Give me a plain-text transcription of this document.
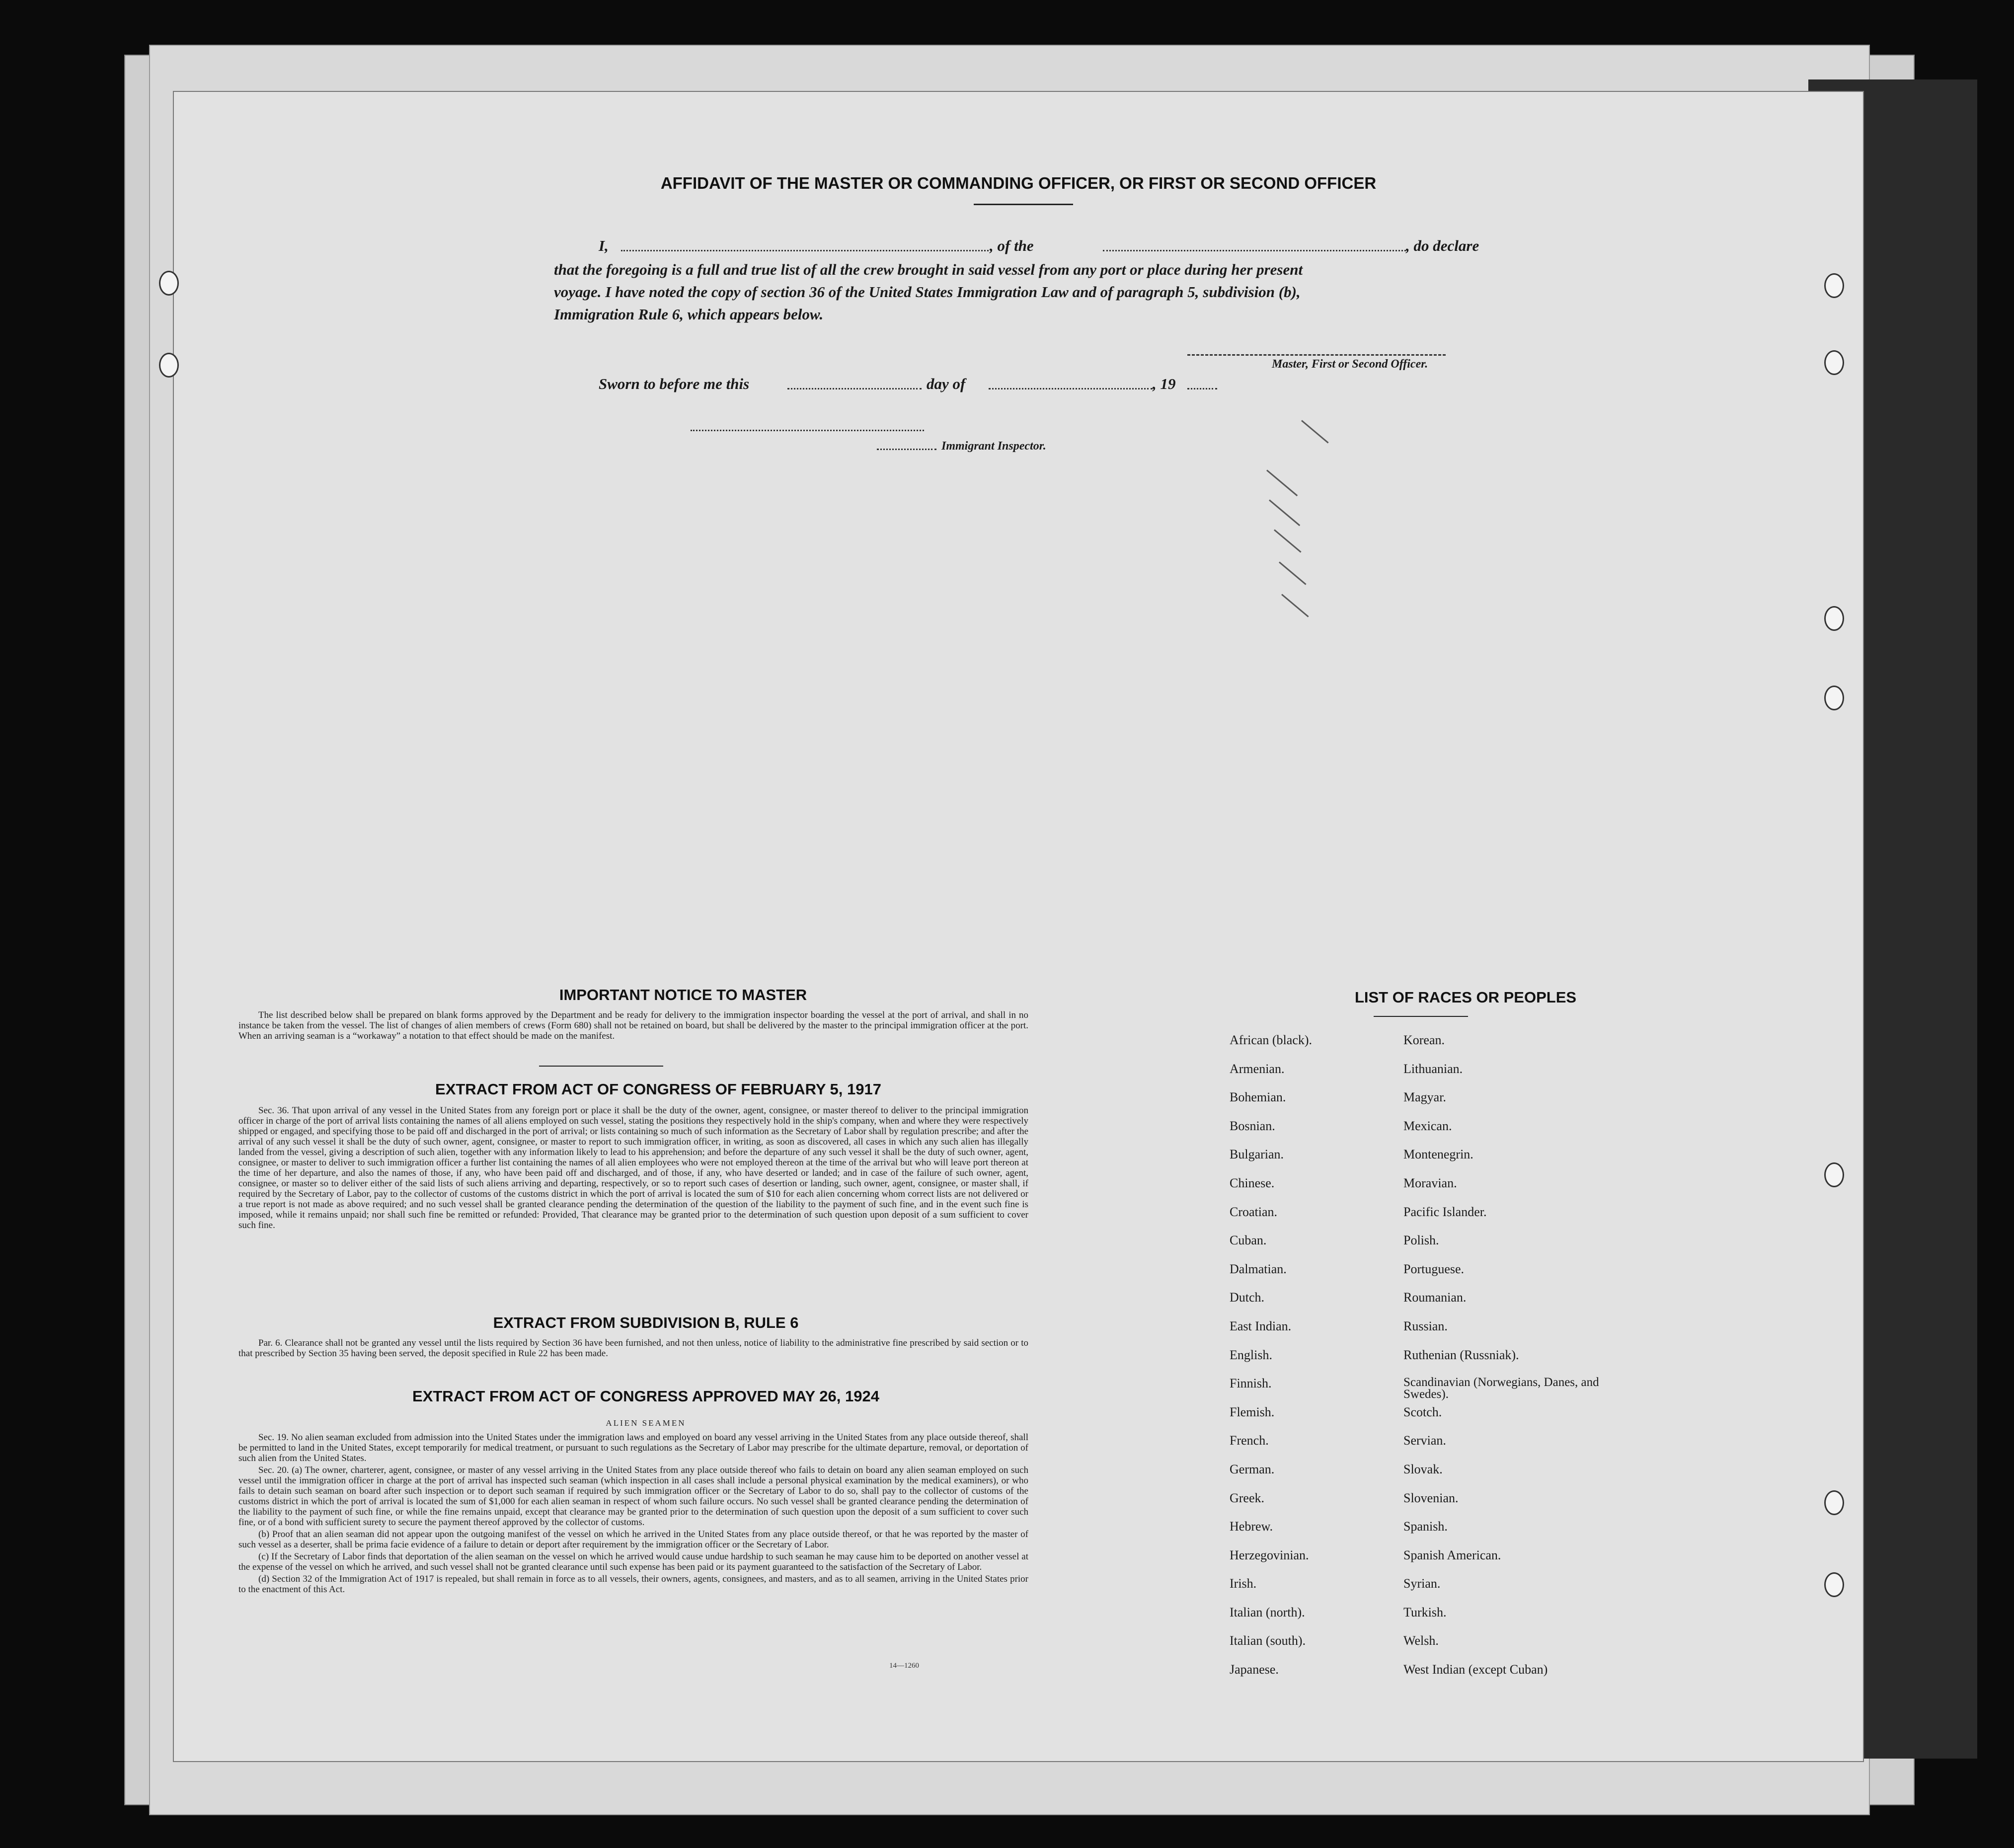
AFFIDAVIT OF THE MASTER OR COMMANDING OFFICER, OR FIRST OR SECOND OFFICER
I,	, of the	, do declare
that the foregoing is a full and true list of all the crew brought in said vessel from any port or place during her present
voyage. I have noted the copy of section 36 of the United States Immigration Law and of paragraph 5, subdivision (b),
Immigration Rule 6, which appears below.
Master, First or Second Officer.
Sworn to before me this	day of	, 19
Immigrant Inspector.
IMPORTANT NOTICE TO MASTER

The list described below shall be prepared on blank forms approved by the Department and be ready for delivery to the immigration inspector boarding the vessel at the port of arrival, and shall in no instance be taken from the vessel. The list of changes of alien members of crews (Form 680) shall not be retained on board, but shall be delivered by the master to the principal immigration officer at the port. When an arriving seaman is a “workaway” a notation to that effect should be made on the manifest.

EXTRACT FROM ACT OF CONGRESS OF FEBRUARY 5, 1917

Sec. 36. That upon arrival of any vessel in the United States from any foreign port or place it shall be the duty of the owner, agent, consignee, or master thereof to deliver to the principal immigration officer in charge of the port of arrival lists containing the names of all aliens employed on such vessel, stating the positions they respectively hold in the ship's company, when and where they were respectively shipped or engaged, and specifying those to be paid off and discharged in the port of arrival; or lists containing so much of such information as the Secretary of Labor shall by regulation prescribe; and after the arrival of any such vessel it shall be the duty of such owner, agent, consignee, or master to report to such immigration officer, in writing, as soon as discovered, all cases in which any such alien has illegally landed from the vessel, giving a description of such alien, together with any information likely to lead to his apprehension; and before the departure of any such vessel it shall be the duty of such owner, agent, consignee, or master to deliver to such immigration officer a further list containing the names of all alien employees who were not employed thereon at the time of the arrival but who will leave port thereon at the time of her departure, and also the names of those, if any, who have been paid off and discharged, and of those, if any, who have deserted or landed; and in case of the failure of such owner, agent, consignee, or master so to deliver either of the said lists of such aliens arriving and departing, respectively, or so to report such cases of desertion or landing, such owner, agent, consignee, or master shall, if required by the Secretary of Labor, pay to the collector of customs of the customs district in which the port of arrival is located the sum of $10 for each alien concerning whom correct lists are not delivered or a true report is not made as above required; and no such vessel shall be granted clearance pending the determination of the question of the liability to the payment of such fine, and in the event such fine is imposed, while it remains unpaid; nor shall such fine be remitted or refunded: Provided, That clearance may be granted prior to the determination of such question upon deposit of a sum sufficient to cover such fine.

EXTRACT FROM SUBDIVISION B, RULE 6

Par. 6. Clearance shall not be granted any vessel until the lists required by Section 36 have been furnished, and not then unless, notice of liability to the administrative fine prescribed by said section or to that prescribed by Section 35 having been served, the deposit specified in Rule 22 has been made.

EXTRACT FROM ACT OF CONGRESS APPROVED MAY 26, 1924
ALIEN SEAMEN

Sec. 19. No alien seaman excluded from admission into the United States under the immigration laws and employed on board any vessel arriving in the United States from any place outside thereof, shall be permitted to land in the United States, except temporarily for medical treatment, or pursuant to such regulations as the Secretary of Labor may prescribe for the ultimate departure, removal, or deportation of such alien from the United States.

Sec. 20. (a) The owner, charterer, agent, consignee, or master of any vessel arriving in the United States from any place outside thereof who fails to detain on board any alien seaman employed on such vessel until the immigration officer in charge at the port of arrival has inspected such seaman (which inspection in all cases shall include a personal physical examination by the medical examiners), or who fails to detain such seaman on board after such inspection or to deport such seaman if required by such immigration officer or the Secretary of Labor to do so, shall pay to the collector of customs of the customs district in which the port of arrival is located the sum of $1,000 for each alien seaman in respect of whom such failure occurs. No such vessel shall be granted clearance pending the determination of the liability to the payment of such fine, or while the fine remains unpaid, except that clearance may be granted prior to the determination of such question upon the deposit of a sum sufficient to cover such fine, or of a bond with sufficient surety to secure the payment thereof approved by the collector of customs.

(b) Proof that an alien seaman did not appear upon the outgoing manifest of the vessel on which he arrived in the United States from any place outside thereof, or that he was reported by the master of such vessel as a deserter, shall be prima facie evidence of a failure to detain or deport after requirement by the immigration officer or the Secretary of Labor.

(c) If the Secretary of Labor finds that deportation of the alien seaman on the vessel on which he arrived would cause undue hardship to such seaman he may cause him to be deported on another vessel at the expense of the vessel on which he arrived, and such vessel shall not be granted clearance until such expense has been paid or its payment guaranteed to the satisfaction of the Secretary of Labor.

(d) Section 32 of the Immigration Act of 1917 is repealed, but shall remain in force as to all vessels, their owners, agents, consignees, and masters, and as to all seamen, arriving in the United States prior to the enactment of this Act.

14—1260
LIST OF RACES OR PEOPLES
African (black).
Armenian.
Bohemian.
Bosnian.
Bulgarian.
Chinese.
Croatian.
Cuban.
Dalmatian.
Dutch.
East Indian.
English.
Finnish.
Flemish.
French.
German.
Greek.
Hebrew.
Herzegovinian.
Irish.
Italian (north).
Italian (south).
Japanese.
Korean.
Lithuanian.
Magyar.
Mexican.
Montenegrin.
Moravian.
Pacific Islander.
Polish.
Portuguese.
Roumanian.
Russian.
Ruthenian (Russniak).
Scandinavian (Norwegians, Danes, and Swedes).
Scotch.
Servian.
Slovak.
Slovenian.
Spanish.
Spanish American.
Syrian.
Turkish.
Welsh.
West Indian (except Cuban)
